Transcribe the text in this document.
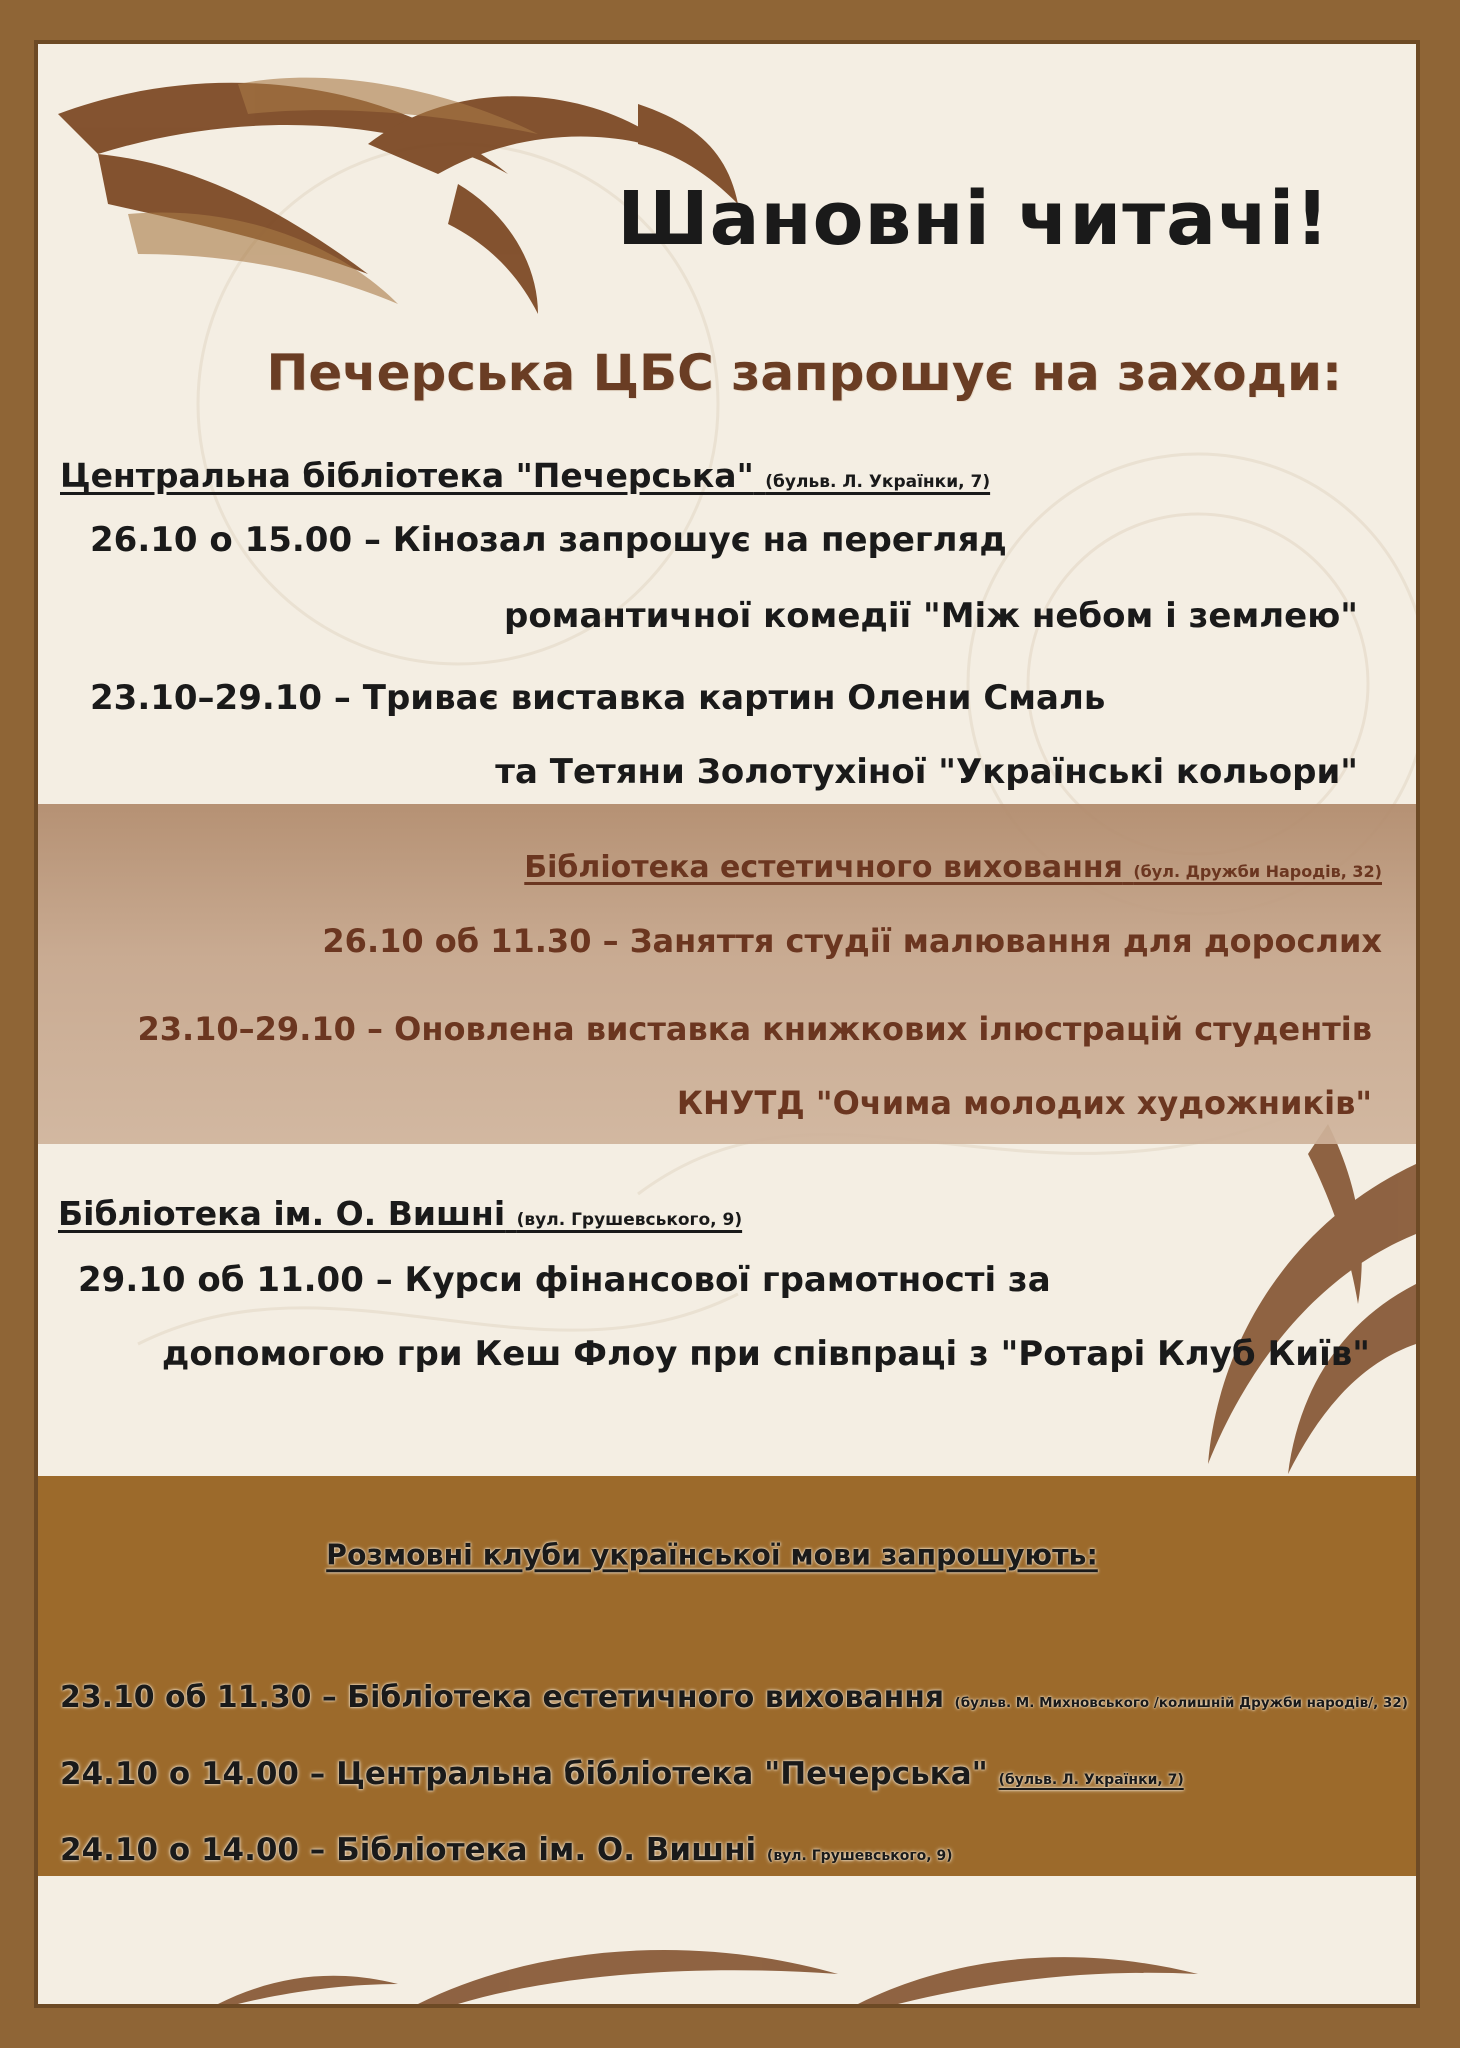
Шановні читачі!
Печерська ЦБС запрошує на заходи:
Центральна бібліотека "Печерська" (бульв. Л. Українки, 7)
26.10 о 15.00 – Кінозал запрошує на перегляд
романтичної комедії "Між небом і землею"
23.10–29.10 – Триває виставка картин Олени Смаль
та Тетяни Золотухіної "Українські кольори"
Бібліотека естетичного виховання (бул. Дружби Народів, 32)
26.10 об 11.30 – Заняття студії малювання для дорослих
23.10–29.10 – Оновлена виставка книжкових ілюстрацій студентів
КНУТД "Очима молодих художників"
Бібліотека ім. О. Вишні (вул. Грушевського, 9)
29.10 об 11.00 – Курси фінансової грамотності за
допомогою гри Кеш Флоу при співпраці з "Ротарі Клуб Київ"
Розмовні клуби української мови запрошують:
23.10 об 11.30 – Бібліотека естетичного виховання (бульв. М. Михновського /колишній Дружби народів/, 32)
24.10 о 14.00 – Центральна бібліотека "Печерська" (бульв. Л. Українки, 7)
24.10 о 14.00 – Бібліотека ім. О. Вишні (вул. Грушевського, 9)
